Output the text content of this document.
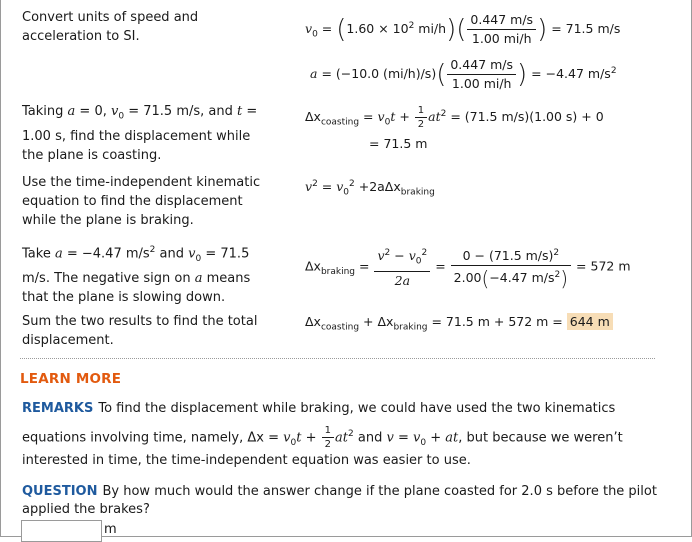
Convert units of speed and acceleration to SI.
$v_0 = (1.60 \times 10^2$ $mi/h)( \frac{0.447 m/s}{1.00 mi/h}$ ) = 71.5 m/s
a = (−10.0 $(mi/h)/s)( \frac{0.447 m/s}{1.00 mi/h}$ ) = −4.47 $m/s^2$
Taking a = 0, $v_0 = 71.5$ m/s, and t = 1.00 s, find the displacement while the plane is coasting.
$\Delta x_{coasting} = v_0t + \frac{1}{2} at^2 = (71.5$ m/s)(1.00 s) + 0
= 71.5 m
Use the time-independent kinematic equation to find the displacement while the plane is braking.
$v^2 = v_0^2 +2a\Delta x_{braking}$
Take a = −4.47 $m/s^2$ and $v_0 = 71.5$ m/s. The negative sign on a means that the plane is slowing down.
$\Delta x_{braking} = \frac{v^2 - v_0^2}{2a} = \frac{0 - (71.5 m/s)^2}{2.00(-4.47 m/s^2)} = 572$ m
Sum the two results to find the total displacement.
$\Delta x_{coasting} + \Delta x_{braking} = 71.5$ m + 572 m = 644 m
LEARN MORE
REMARKS To find the displacement while braking, we could have used the two kinematics
equations involving time, namely, $\Delta x = v_0t + \frac{1}{2} at^2$ and $v = v_0$ + at, but because we weren’t
interested in time, the time-independent equation was easier to use.
QUESTION By how much would the answer change if the plane coasted for 2.0 s before the pilot applied the brakes?
m
